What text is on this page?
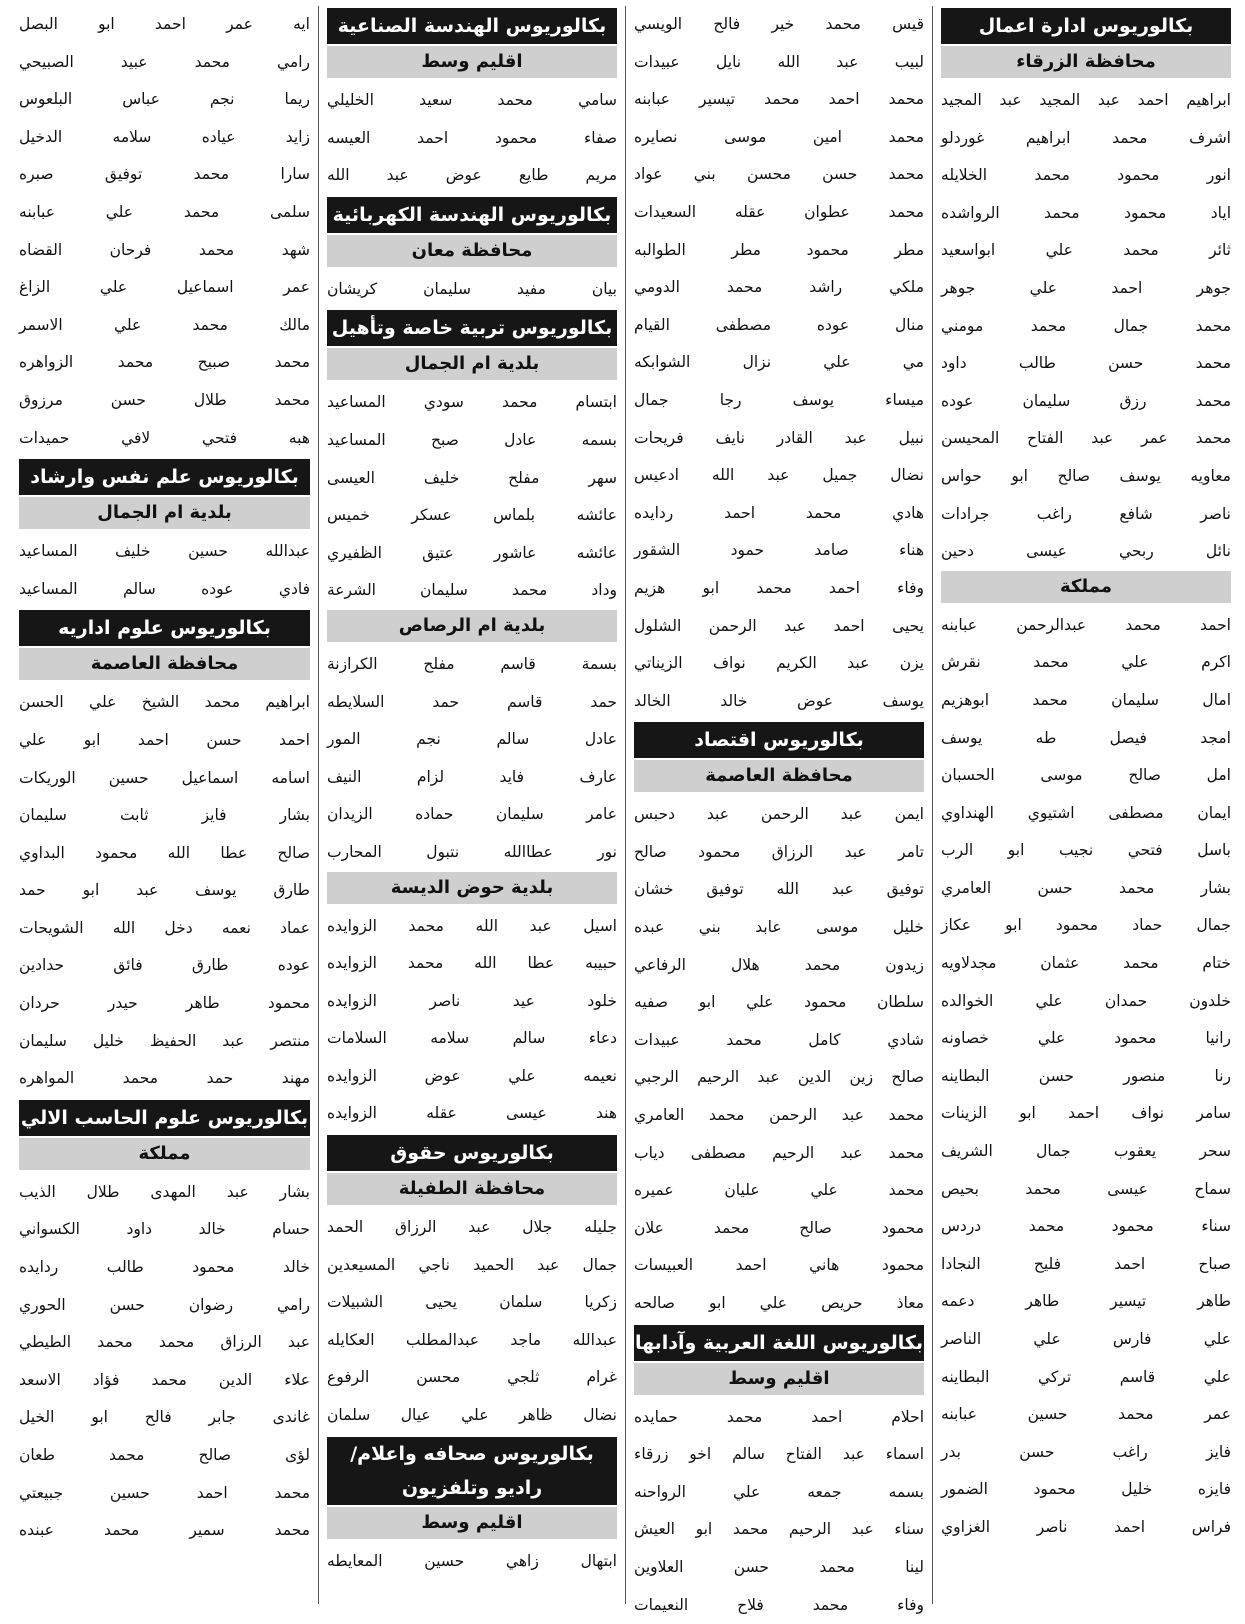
بكالوريوس ادارة اعمال
محافظة الزرقاء
ابراهيم
احمد
عبد
المجيد
عبد
المجيد
اشرف
محمد
ابراهيم
غوردلو
انور
محمود
محمد
الخلايله
اياد
محمود
محمد
الرواشده
ثائر
محمد
علي
ابواسعيد
جوهر
احمد
علي
جوهر
محمد
جمال
محمد
مومني
محمد
حسن
طالب
داود
محمد
رزق
سليمان
عوده
محمد
عمر
عبد
الفتاح
المحيسن
معاويه
يوسف
صالح
ابو
حواس
ناصر
شافع
راغب
جرادات
نائل
ربحي
عيسى
دحين
مملكة
احمد
محمد
عبدالرحمن
عبابنه
اكرم
علي
محمد
نقرش
امال
سليمان
محمد
ابوهزيم
امجد
فيصل
طه
يوسف
امل
صالح
موسى
الحسبان
ايمان
مصطفى
اشتيوي
الهنداوي
باسل
فتحي
نجيب
ابو
الرب
بشار
محمد
حسن
العامري
جمال
حماد
محمود
ابو
عكاز
ختام
محمد
عثمان
مجدلاويه
خلدون
حمدان
علي
الخوالده
رانيا
محمود
علي
خصاونه
رنا
منصور
حسن
البطاينه
سامر
نواف
احمد
ابو
الزينات
سحر
يعقوب
جمال
الشريف
سماح
عيسى
محمد
بحيص
سناء
محمود
محمد
دردس
صباح
احمد
فليح
النجادا
طاهر
تيسير
طاهر
دعمه
علي
فارس
علي
الناصر
علي
قاسم
تركي
البطاينه
عمر
محمد
حسين
عبابنه
فايز
راغب
حسن
بدر
فايزه
خليل
محمود
الضمور
فراس
احمد
ناصر
الغزاوي
قيس
محمد
خير
فالح
الويسي
لبيب
عبد
الله
نايل
عبيدات
محمد
احمد
محمد
تيسير
عبابنه
محمد
امين
موسى
نصايره
محمد
حسن
محسن
بني
عواد
محمد
عطوان
عقله
السعيدات
مطر
محمود
مطر
الطوالبه
ملكي
راشد
محمد
الدومي
منال
عوده
مصطفى
القيام
مي
علي
نزال
الشوابكه
ميساء
يوسف
رجا
جمال
نبيل
عبد
القادر
نايف
فريحات
نضال
جميل
عبد
الله
ادعيس
هادي
محمد
احمد
ردايده
هناء
صامد
حمود
الشقور
وفاء
احمد
محمد
ابو
هزيم
يحيى
احمد
عبد
الرحمن
الشلول
يزن
عبد
الكريم
نواف
الزيناتي
يوسف
عوض
خالد
الخالد
بكالوريوس اقتصاد
محافظة العاصمة
ايمن
عبد
الرحمن
عبد
دحبس
تامر
عبد
الرزاق
محمود
صالح
توفيق
عبد
الله
توفيق
خشان
خليل
موسى
عابد
بني
عبده
زيدون
محمد
هلال
الرفاعي
سلطان
محمود
علي
ابو
صفيه
شادي
كامل
محمد
عبيدات
صالح
زين
الدين
عبد
الرحيم
الرجبي
محمد
عبد
الرحمن
محمد
العامري
محمد
عبد
الرحيم
مصطفى
دياب
محمد
علي
عليان
عميره
محمود
صالح
محمد
علان
محمود
هاني
احمد
العبيسات
معاذ
حريص
علي
ابو
صالحه
بكالوريوس اللغة العربية وآدابها
اقليم وسط
احلام
احمد
محمد
حمايده
اسماء
عبد
الفتاح
سالم
اخو
زرقاء
بسمه
جمعه
علي
الرواحنه
سناء
عبد
الرحيم
محمد
ابو
العيش
لينا
محمد
حسن
العلاوين
وفاء
محمد
فلاح
النعيمات
بكالوريوس الهندسة الصناعية
اقليم وسط
سامي
محمد
سعيد
الخليلي
صفاء
محمود
احمد
العيسه
مريم
طايع
عوض
عبد
الله
بكالوريوس الهندسة الكهربائية
محافظة معان
بيان
مفيد
سليمان
كريشان
بكالوريوس تربية خاصة وتأهيل
بلدية ام الجمال
ابتسام
محمد
سودي
المساعيد
بسمه
عادل
صبح
المساعيد
سهر
مفلح
خليف
العيسى
عائشه
بلماس
عسكر
خميس
عائشه
عاشور
عتيق
الظفيري
وداد
محمد
سليمان
الشرعة
بلدية ام الرصاص
بسمة
قاسم
مفلح
الكرازنة
حمد
قاسم
حمد
السلايطه
عادل
سالم
نجم
المور
عارف
فايد
لزام
النيف
عامر
سليمان
حماده
الزيدان
نور
عطاالله
نتبول
المحارب
بلدية حوض الديسة
اسيل
عبد
الله
محمد
الزوايده
حبيبه
عطا
الله
محمد
الزوايده
خلود
عيد
ناصر
الزوايده
دعاء
سالم
سلامه
السلامات
نعيمه
علي
عوض
الزوايده
هند
عيسى
عقله
الزوايده
بكالوريوس حقوق
محافظة الطفيلة
جليله
جلال
عبد
الرزاق
الحمد
جمال
عبد
الحميد
ناجي
المسيعدين
زكريا
سلمان
يحيى
الشبيلات
عبدالله
ماجد
عبدالمطلب
العكايله
غرام
ثلجي
محسن
الرفوع
نضال
ظاهر
علي
عيال
سلمان
بكالوريوس صحافه واعلام/ راديو وتلفزيون
اقليم وسط
ابتهال
زاهي
حسين
المعايطه
ايه
عمر
احمد
ابو
البصل
رامي
محمد
عبيد
الصبيحي
ريما
نجم
عباس
البلعوس
زايد
عياده
سلامه
الدخيل
سارا
محمد
توفيق
صبره
سلمى
محمد
علي
عبابنه
شهد
محمد
فرحان
القضاه
عمر
اسماعيل
علي
الزاغ
مالك
محمد
علي
الاسمر
محمد
صبيح
محمد
الزواهره
محمد
طلال
حسن
مرزوق
هبه
فتحي
لافي
حميدات
بكالوريوس علم نفس وارشاد
بلدية ام الجمال
عبدالله
حسين
خليف
المساعيد
فادي
عوده
سالم
المساعيد
بكالوريوس علوم اداريه
محافظة العاصمة
ابراهيم
محمد
الشيخ
علي
الحسن
احمد
حسن
احمد
ابو
علي
اسامه
اسماعيل
حسين
الوريكات
بشار
فايز
ثابت
سليمان
صالح
عطا
الله
محمود
البداوي
طارق
يوسف
عبد
ابو
حمد
عماد
نعمه
دخل
الله
الشويحات
عوده
طارق
فائق
حدادين
محمود
طاهر
حيدر
حردان
منتصر
عبد
الحفيظ
خليل
سليمان
مهند
حمد
محمد
المواهره
بكالوريوس علوم الحاسب الالي
مملكة
بشار
عبد
المهدى
طلال
الذيب
حسام
خالد
داود
الكسواني
خالد
محمود
طالب
ردايده
رامي
رضوان
حسن
الحوري
عبد
الرزاق
محمد
محمد
الطيطي
علاء
الدين
محمد
فؤاد
الاسعد
غاندى
جابر
فالح
ابو
الخيل
لؤى
صالح
محمد
طعان
محمد
احمد
حسين
جبيعتي
محمد
سمير
محمد
عبنده
